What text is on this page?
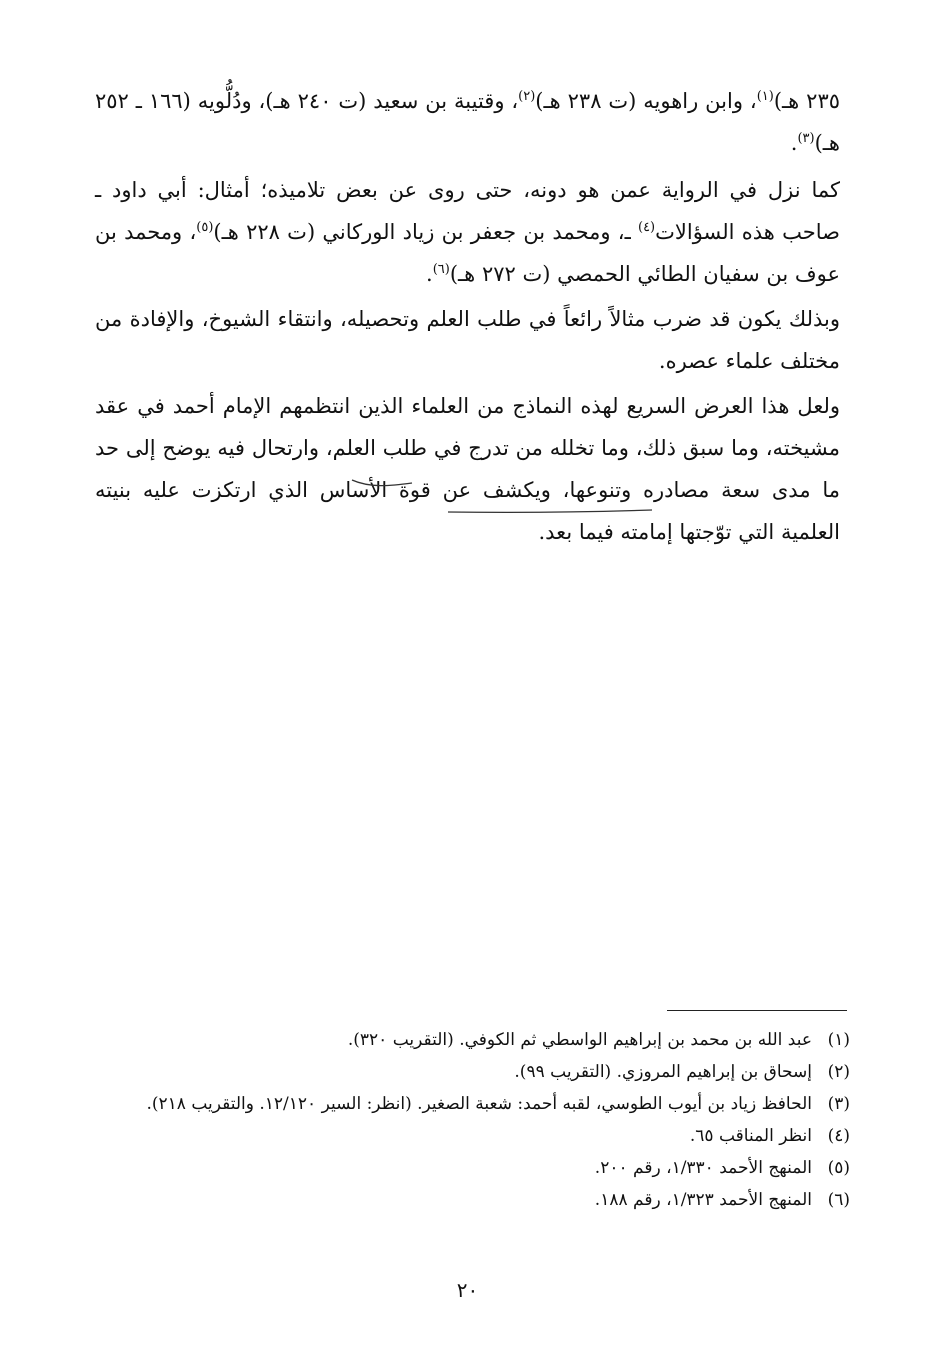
٢٣٥ هـ)$^{(١)}$، وابن راهويه (ت ٢٣٨ هـ)$^{(٢)}$، وقتيبة بن سعيد (ت ٢٤٠ هـ)، ودُلُّويه (١٦٦ ـ ٢٥٢ هـ)$^{(٣)}$.

كما نزل في الرواية عمن هو دونه، حتى روى عن بعض تلاميذه؛ أمثال: أبي داود ـ صاحب هذه السؤالات$^{(٤)}$ ـ، ومحمد بن جعفر بن زياد الوركاني (ت ٢٢٨ هـ)$^{(٥)}$، ومحمد بن عوف بن سفيان الطائي الحمصي (ت ٢٧٢ هـ)$^{(٦)}$.

وبذلك يكون قد ضرب مثالاً رائعاً في طلب العلم وتحصيله، وانتقاء الشيوخ، والإفادة من مختلف علماء عصره.

ولعل هذا العرض السريع لهذه النماذج من العلماء الذين انتظمهم الإمام أحمد في عقد مشيخته، وما سبق ذلك، وما تخلله من تدرج في طلب العلم، وارتحال فيه يوضح إلى حد ما مدى سعة مصادره وتنوعها، ويكشف عن قوة الأساس الذي ارتكزت عليه بنيته العلمية التي توّجتها إمامته فيما بعد.

(١)
عبد الله بن محمد بن إبراهيم الواسطي ثم الكوفي. (التقريب ٣٢٠).
(٢)
إسحاق بن إبراهيم المروزي. (التقريب ٩٩).
(٣)
الحافظ زياد بن أيوب الطوسي، لقبه أحمد: شعبة الصغير. (انظر: السير ١٢/١٢٠. والتقريب ٢١٨).
(٤)
انظر المناقب ٦٥.
(٥)
المنهج الأحمد ١/٣٣٠، رقم ٢٠٠.
(٦)
المنهج الأحمد ١/٣٢٣، رقم ١٨٨.
٢٠
